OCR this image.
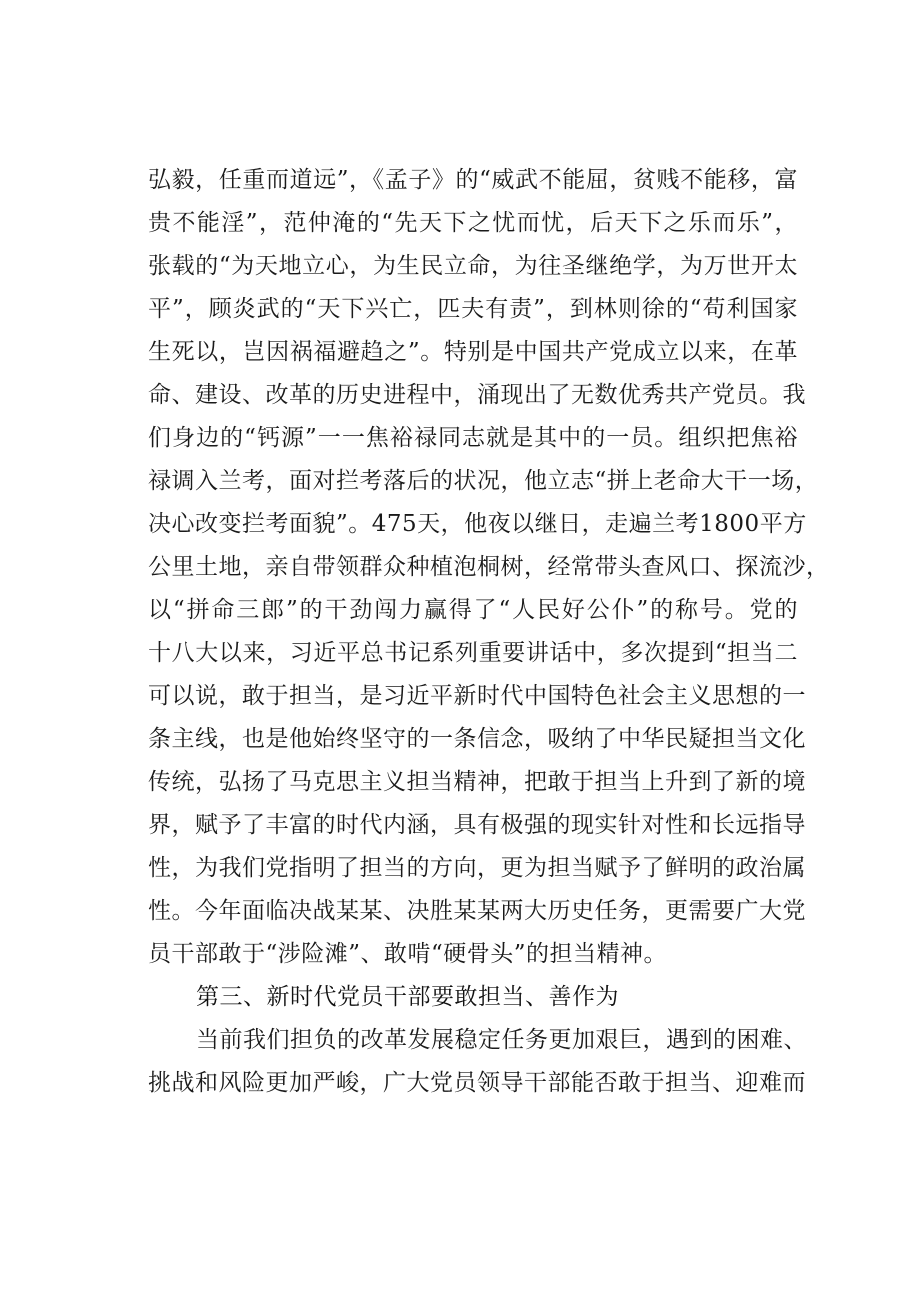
弘毅，任重而道远”，《孟子》的“威武不能屈，贫贱不能移，富
贵不能淫”，范仲淹的“先天下之忧而忧，后天下之乐而乐”，
张载的“为天地立心，为生民立命，为往圣继绝学，为万世开太
平”，顾炎武的“天下兴亡，匹夫有责”，到林则徐的“苟利国家
生死以，岂因祸福避趋之”。特别是中国共产党成立以来，在革
命、建设、改革的历史进程中，涌现出了无数优秀共产党员。我
们身边的“钙源”一一焦裕禄同志就是其中的一员。组织把焦裕
禄调入兰考，面对拦考落后的状况，他立志“拼上老命大干一场，
决心改变拦考面貌”。475天，他夜以继日，走遍兰考1800平方
公里土地，亲自带领群众种植泡桐树，经常带头查风口、探流沙，
以“拼命三郎”的干劲闯力赢得了“人民好公仆”的称号。党的
十八大以来，习近平总书记系列重要讲话中，多次提到“担当二
可以说，敢于担当，是习近平新时代中国特色社会主义思想的一
条主线，也是他始终坚守的一条信念，吸纳了中华民疑担当文化
传统，弘扬了马克思主义担当精神，把敢于担当上升到了新的境
界，赋予了丰富的时代内涵，具有极强的现实针对性和长远指导
性，为我们党指明了担当的方向，更为担当赋予了鲜明的政治属
性。今年面临决战某某、决胜某某两大历史任务，更需要广大党
员干部敢于“涉险滩”、敢啃“硬骨头”的担当精神。
第三、新时代党员干部要敢担当、善作为
当前我们担负的改革发展稳定任务更加艰巨，遇到的困难、
挑战和风险更加严峻，广大党员领导干部能否敢于担当、迎难而
